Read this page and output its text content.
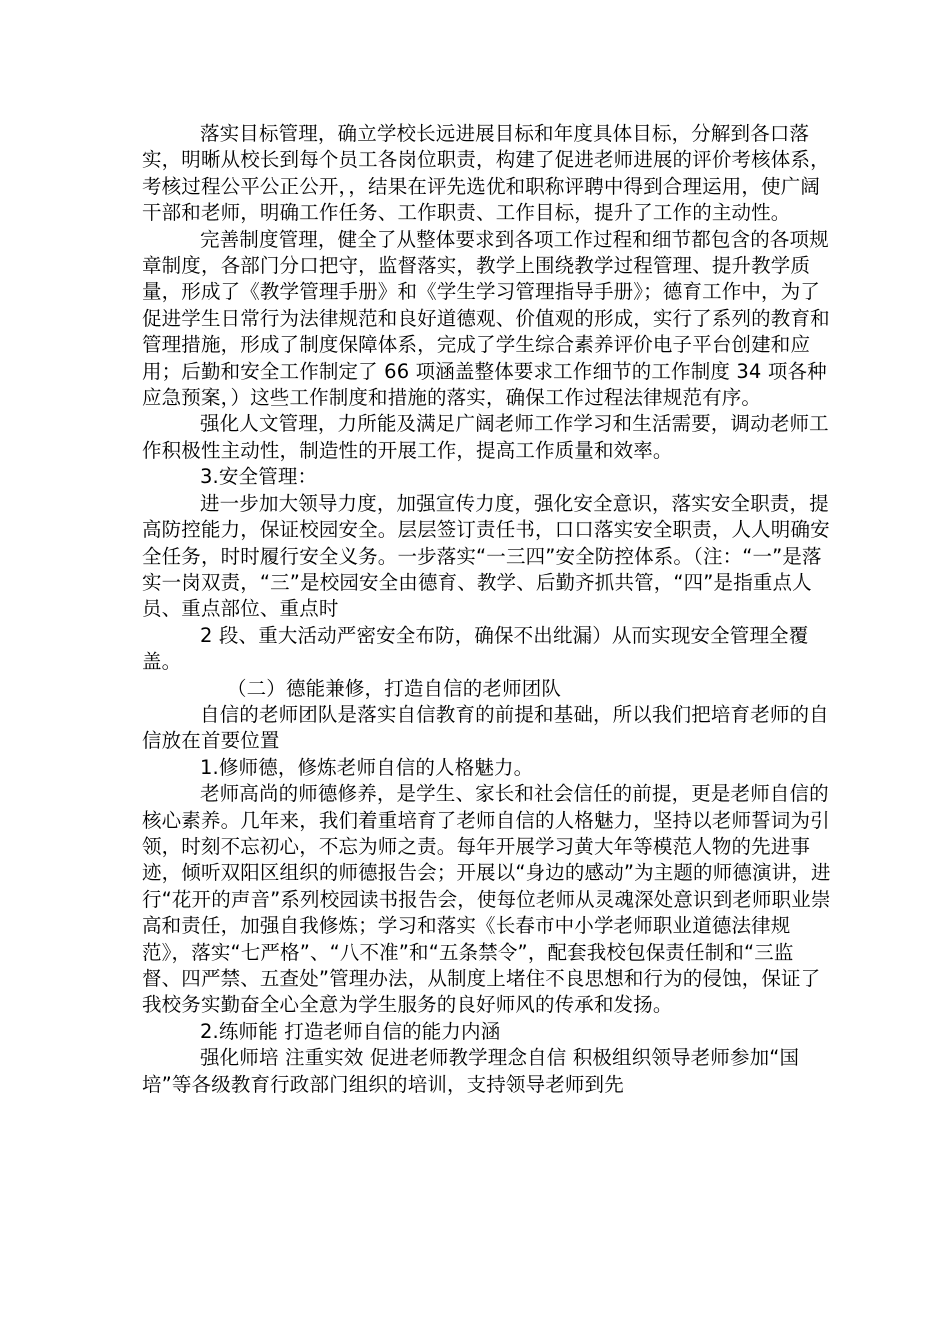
落实目标管理，确立学校长远进展目标和年度具体目标，分解到各口落实，明晰从校长到每个员工各岗位职责，构建了促进老师进展的评价考核体系，考核过程公平公正公开，，结果在评先选优和职称评聘中得到合理运用，使广阔干部和老师，明确工作任务、工作职责、工作目标，提升了工作的主动性。

完善制度管理，健全了从整体要求到各项工作过程和细节都包含的各项规章制度，各部门分口把守，监督落实，教学上围绕教学过程管理、提升教学质量，形成了《教学管理手册》和《学生学习管理指导手册》；德育工作中，为了促进学生日常行为法律规范和良好道德观、价值观的形成，实行了系列的教育和管理措施，形成了制度保障体系，完成了学生综合素养评价电子平台创建和应用；后勤和安全工作制定了 66 项涵盖整体要求工作细节的工作制度 34 项各种应急预案，）这些工作制度和措施的落实，确保工作过程法律规范有序。

强化人文管理，力所能及满足广阔老师工作学习和生活需要，调动老师工作积极性主动性，制造性的开展工作，提高工作质量和效率。

3.安全管理：

进一步加大领导力度，加强宣传力度，强化安全意识，落实安全职责，提高防控能力，保证校园安全。层层签订责任书，口口落实安全职责，人人明确安全任务，时时履行安全义务。一步落实“一三四”安全防控体系。（注：“一”是落实一岗双责，“三”是校园安全由德育、教学、后勤齐抓共管，“四”是指重点人员、重点部位、重点时

2 段、重大活动严密安全布防，确保不出纰漏）从而实现安全管理全覆盖。

（二）德能兼修，打造自信的老师团队

自信的老师团队是落实自信教育的前提和基础，所以我们把培育老师的自信放在首要位置

1.修师德，修炼老师自信的人格魅力。

老师高尚的师德修养，是学生、家长和社会信任的前提，更是老师自信的核心素养。几年来，我们着重培育了老师自信的人格魅力，坚持以老师誓词为引领，时刻不忘初心，不忘为师之责。每年开展学习黄大年等模范人物的先进事迹，倾听双阳区组织的师德报告会；开展以“身边的感动”为主题的师德演讲，进行“花开的声音”系列校园读书报告会，使每位老师从灵魂深处意识到老师职业崇高和责任，加强自我修炼；学习和落实《长春市中小学老师职业道德法律规范》，落实“七严格”、“八不准”和“五条禁令”，配套我校包保责任制和“三监督、四严禁、五查处”管理办法，从制度上堵住不良思想和行为的侵蚀，保证了我校务实勤奋全心全意为学生服务的良好师风的传承和发扬。

2.练师能 打造老师自信的能力内涵

强化师培 注重实效 促进老师教学理念自信 积极组织领导老师参加“国培”等各级教育行政部门组织的培训，支持领导老师到先
